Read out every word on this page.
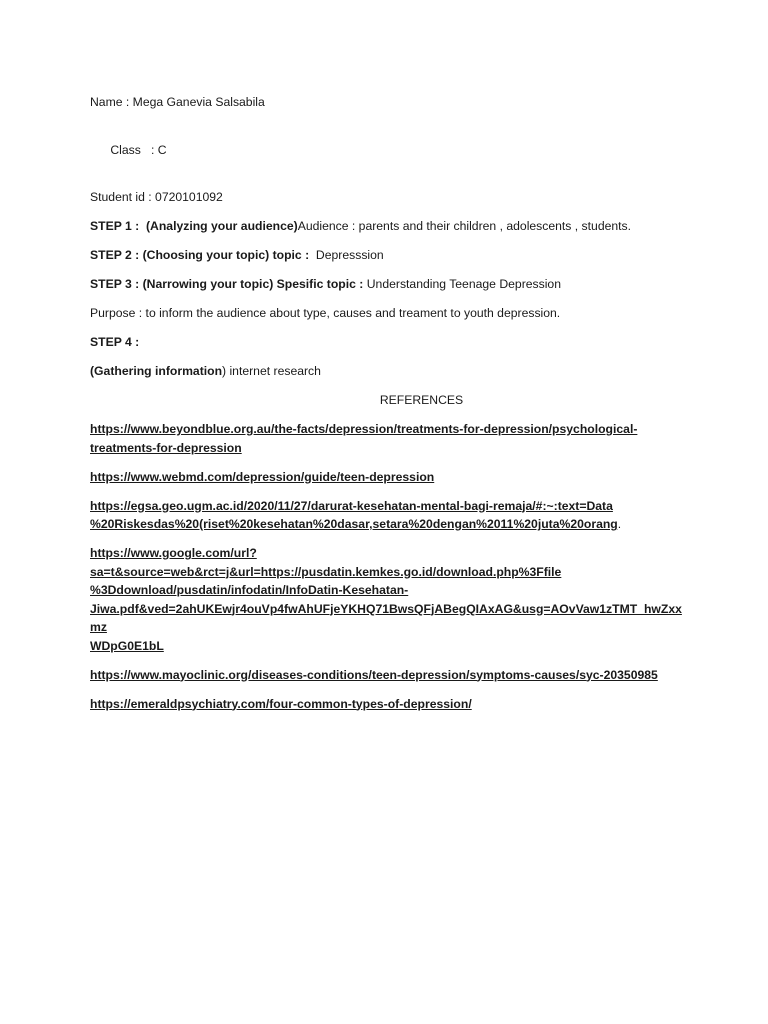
Name : Mega Ganevia Salsabila

Class   : C

Student id : 0720101092
STEP 1 :  (Analyzing your audience)Audience : parents and their children , adolescents , students.
STEP 2 : (Choosing your topic) topic :  Depresssion
STEP 3 : (Narrowing your topic) Spesific topic : Understanding Teenage Depression
Purpose : to inform the audience about type, causes and treament to youth depression.
STEP 4 :
(Gathering information) internet research
REFERENCES
https://www.beyondblue.org.au/the-facts/depression/treatments-for-depression/psychological-
treatments-for-depression
https://www.webmd.com/depression/guide/teen-depression
https://egsa.geo.ugm.ac.id/2020/11/27/darurat-kesehatan-mental-bagi-remaja/#:~:text=Data
%20Riskesdas%20(riset%20kesehatan%20dasar,setara%20dengan%2011%20juta%20orang.
https://www.google.com/url?
sa=t&source=web&rct=j&url=https://pusdatin.kemkes.go.id/download.php%3Ffile
%3Ddownload/pusdatin/infodatin/InfoDatin-Kesehatan-
Jiwa.pdf&ved=2ahUKEwjr4ouVp4fwAhUFjeYKHQ71BwsQFjABegQIAxAG&usg=AOvVaw1zTMT_hwZxxmz
WDpG0E1bL
https://www.mayoclinic.org/diseases-conditions/teen-depression/symptoms-causes/syc-20350985
https://emeraldpsychiatry.com/four-common-types-of-depression/
